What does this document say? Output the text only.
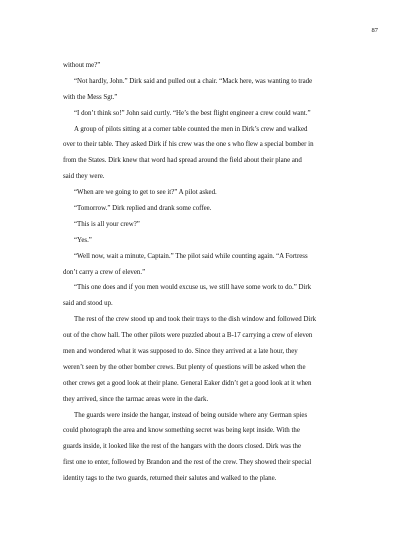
87
without me?”
“Not hardly, John.” Dirk said and pulled out a chair. “Mack here, was wanting to trade
with the Mess Sgt.”
“I don’t think so!” John said curtly. “He’s the best flight engineer a crew could want.”
A group of pilots sitting at a corner table counted the men in Dirk’s crew and walked
over to their table. They asked Dirk if his crew was the one s who flew a special bomber in
from the States. Dirk knew that word had spread around the field about their plane and
said they were.
“When are we going to get to see it?” A pilot asked.
“Tomorrow.” Dirk replied and drank some coffee.
“This is all your crew?”
“Yes.”
“Well now, wait a minute, Captain.” The pilot said while counting again. “A Fortress
don’t carry a crew of eleven.”
“This one does and if you men would excuse us, we still have some work to do.” Dirk
said and stood up.
The rest of the crew stood up and took their trays to the dish window and followed Dirk
out of the chow hall. The other pilots were puzzled about a B-17 carrying a crew of eleven
men and wondered what it was supposed to do. Since they arrived at a late hour, they
weren’t seen by the other bomber crews. But plenty of questions will be asked when the
other crews get a good look at their plane. General Eaker didn’t get a good look at it when
they arrived, since the tarmac areas were in the dark.
The guards were inside the hangar, instead of being outside where any German spies
could photograph the area and know something secret was being kept inside. With the
guards inside, it looked like the rest of the hangars with the doors closed. Dirk was the
first one to enter, followed by Brandon and the rest of the crew. They showed their special
identity tags to the two guards, returned their salutes and walked to the plane.
